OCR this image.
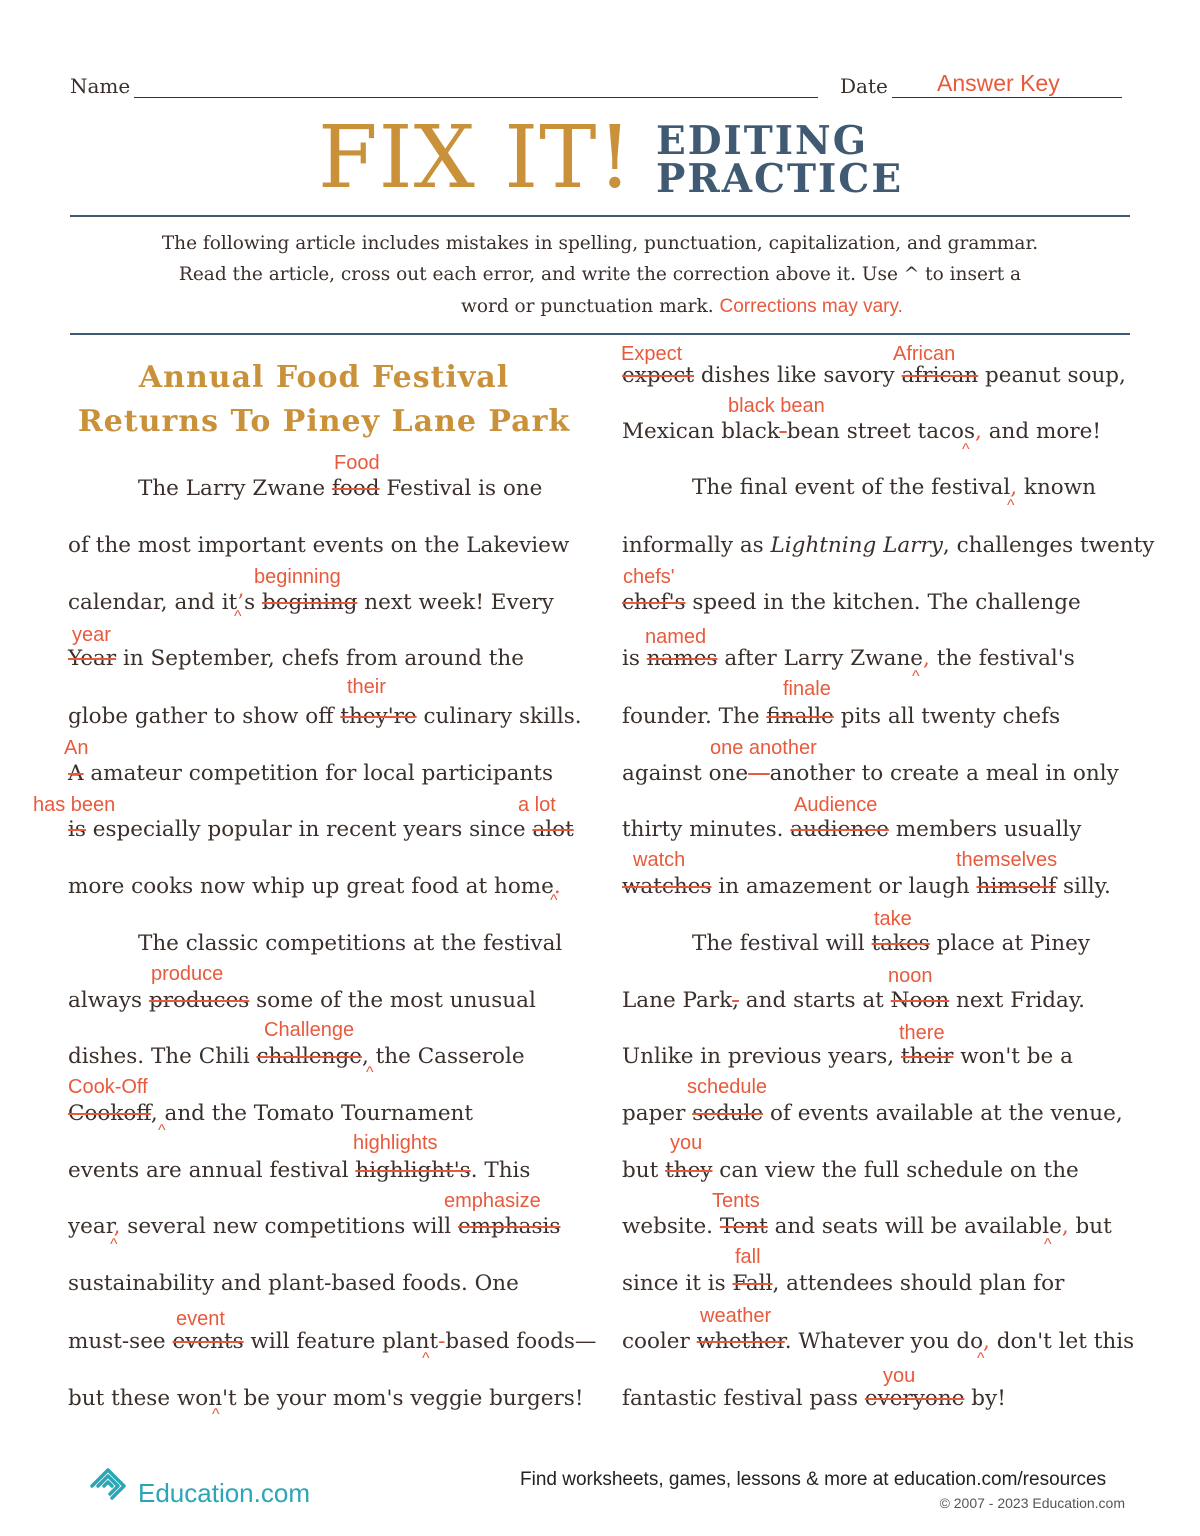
Name	Date Answer Key
FIX IT! EDITING
PRACTICE
The following article includes mistakes in spelling, punctuation, capitalization, and grammar.
Read the article, cross out each error, and write the correction above it. Use ^ to insert a
word or punctuation mark. Corrections may vary.
Annual Food Festival
Returns To Piney Lane Park
Food
The Larry Zwane food Festival is one
of the most important events on the Lakeview
beginning
calendar, and it’s begining next week! Every
^
year
Year in September, chefs from around the
their
globe gather to show off they're culinary skills.
An
A amateur competition for local participants
has been	a lot
is especially popular in recent years since alot
more cooks now whip up great food at home.
^
The classic competitions at the festival
produce
always produces some of the most unusual
Challenge
dishes. The Chili challenge, the Casserole
^
Cook-Off
Cookoff, and the Tomato Tournament
^
highlights
events are annual festival highlight's. This
emphasize
year, several new competitions will emphasis
^
sustainability and plant-based foods. One
event
must-see events will feature plant-based foods—
^
but these won't be your mom's veggie burgers!
^
Expect	African
expect dishes like savory african peanut soup,
black bean
Mexican black-bean street tacos, and more!
^
The final event of the festival, known
^
informally as Lightning Larry, challenges twenty
chefs'
chef's speed in the kitchen. The challenge
named
is names after Larry Zwane, the festival's
^
finale
founder. The finalle pits all twenty chefs
one another
against one—another to create a meal in only
Audience
thirty minutes. audience members usually
watch	themselves
watches in amazement or laugh himself silly.
take
The festival will takes place at Piney
noon
Lane Park, and starts at Noon next Friday.
there
Unlike in previous years, their won't be a
schedule
paper sedule of events available at the venue,
you
but they can view the full schedule on the
Tents
website. Tent and seats will be available, but
^
fall
since it is Fall, attendees should plan for
weather
cooler whether. Whatever you do, don't let this
^
you
fantastic festival pass everyone by!
Education.com	Find worksheets, games, lessons & more at education.com/resources
© 2007 - 2023 Education.com
